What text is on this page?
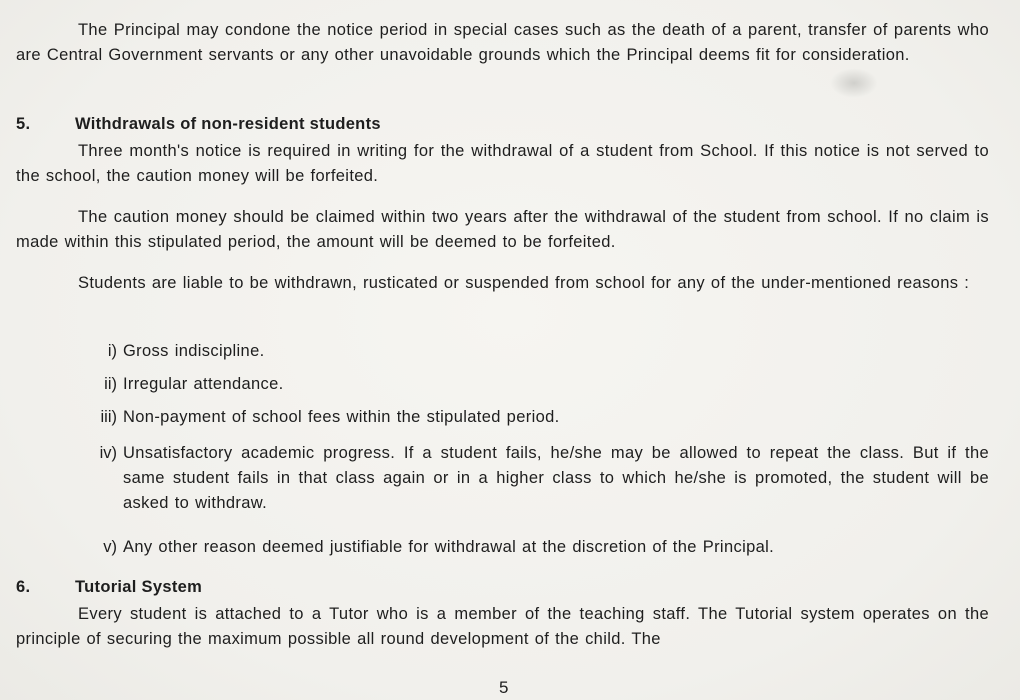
The Principal may condone the notice period in special cases such as the death of a parent, transfer of parents who are Central Government servants or any other unavoidable grounds which the Principal deems fit for consideration.

5.	Withdrawals of non-resident students

Three month's notice is required in writing for the withdrawal of a student from School. If this notice is not served to the school, the caution money will be forfeited.

The caution money should be claimed within two years after the withdrawal of the student from school. If no claim is made within this stipulated period, the amount will be deemed to be forfeited.

Students are liable to be withdrawn, rusticated or suspended from school for any of the under-mentioned reasons :

i) Gross indiscipline.
ii) Irregular attendance.
iii) Non-payment of school fees within the stipulated period.
iv) Unsatisfactory academic progress. If a student fails, he/she may be allowed to repeat the class. But if the same student fails in that class again or in a higher class to which he/she is promoted, the student will be asked to withdraw.
v) Any other reason deemed justifiable for withdrawal at the discretion of the Principal.
6.	Tutorial System

Every student is attached to a Tutor who is a member of the teaching staff. The Tutorial system operates on the principle of securing the maximum possible all round development of the child. The

5
